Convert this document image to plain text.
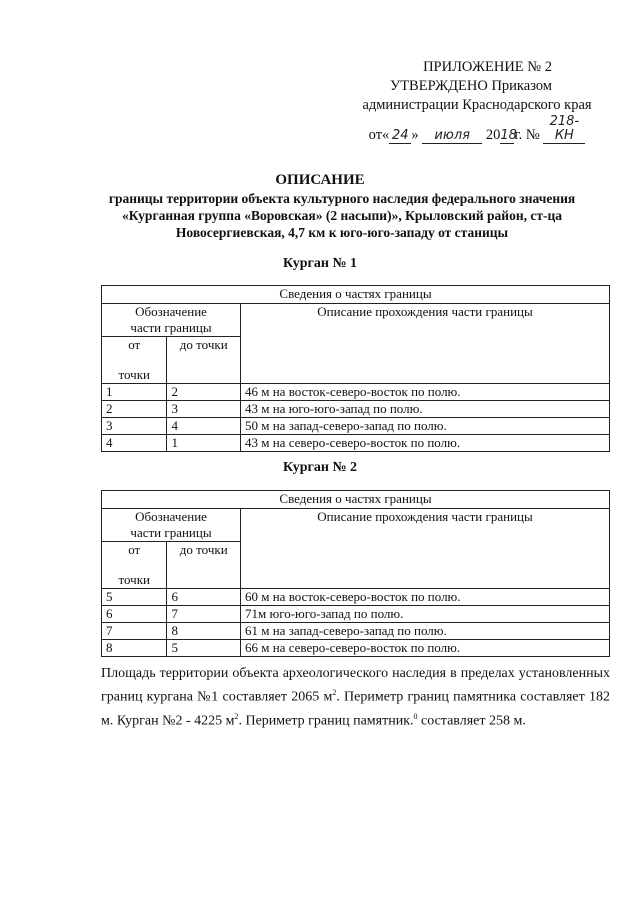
ПРИЛОЖЕНИЕ № 2
УТВЕРЖДЕНО Приказом
администрации Краснодарского края
от« 24 » июля 2018г. № 218-КН
ОПИСАНИЕ
границы территории объекта культурного наследия федерального значения «Курганная группа «Воровская» (2 насыпи)», Крыловский район, ст-ца Новосергиевская, 4,7 км к юго-юго-западу от станицы
Курган № 1
Сведения о частях границы		

Обозначение
части границы		Описание прохождения части границы
от
точки	до точки	
1	2	46 м на восток-северо-восток по полю.
2	3	43 м на юго-юго-запад по полю.
3	4	50 м на запад-северо-запад по полю.
4	1	43 м на северо-северо-восток по полю.
Курган № 2
Сведения о частях границы		

Обозначение
части границы		Описание прохождения части границы
от
точки	до точки	
5	6	60 м на восток-северо-восток по полю.
6	7	71м юго-юго-запад по полю.
7	8	61 м на запад-северо-запад по полю.
8	5	66 м на северо-северо-восток по полю.
Площадь территории объекта археологического наследия в пределах установленных границ кургана №1 составляет 2065 $м^2$. Периметр границ памятника составляет 182 м. Курган №2 - 4225 $м^2$. Периметр границ памятник.$^0$ составляет 258 м.
